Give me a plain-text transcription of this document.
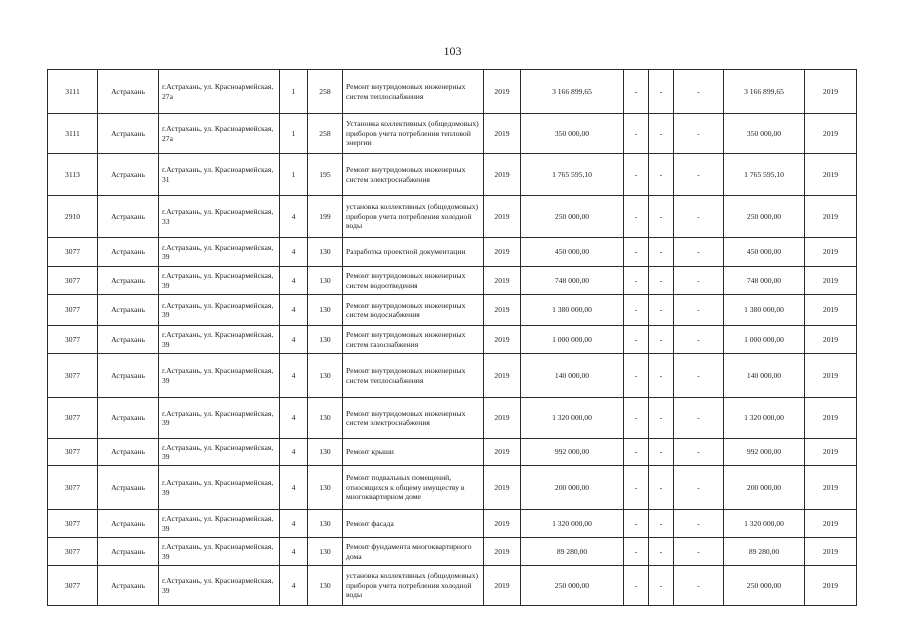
103
3111	Астрахань	г.Астрахань, ул. Красноармейская, 27а	1	258	Ремонт внутридомовых инженерных систем теплоснабжения	2019	3 166 899,65	-	-	-	3 166 899,65	2019
3111	Астрахань	г.Астрахань, ул. Красноармейская, 27а	1	258	Установка коллективных (общедомовых) приборов учета потребления тепловой энергии	2019	350 000,00	-	-	-	350 000,00	2019
3113	Астрахань	г.Астрахань, ул. Красноармейская, 31	1	195	Ремонт внутридомовых инженерных систем электроснабжения	2019	1 765 595,10	-	-	-	1 765 595,10	2019
2910	Астрахань	г.Астрахань, ул. Красноармейская, 33	4	199	установка коллективных (общедомовых) приборов учета потребления холодной воды	2019	250 000,00	-	-	-	250 000,00	2019
3077	Астрахань	г.Астрахань, ул. Красноармейская, 39	4	130	Разработка проектной документации	2019	450 000,00	-	-	-	450 000,00	2019
3077	Астрахань	г.Астрахань, ул. Красноармейская, 39	4	130	Ремонт внутридомовых инженерных систем водоотведения	2019	748 000,00	-	-	-	748 000,00	2019
3077	Астрахань	г.Астрахань, ул. Красноармейская, 39	4	130	Ремонт внутридомовых инженерных систем водоснабжения	2019	1 380 000,00	-	-	-	1 380 000,00	2019
3077	Астрахань	г.Астрахань, ул. Красноармейская, 39	4	130	Ремонт внутридомовых инженерных систем газоснабжения	2019	1 000 000,00	-	-	-	1 000 000,00	2019
3077	Астрахань	г.Астрахань, ул. Красноармейская, 39	4	130	Ремонт внутридомовых инженерных систем теплоснабжения	2019	140 000,00	-	-	-	140 000,00	2019
3077	Астрахань	г.Астрахань, ул. Красноармейская, 39	4	130	Ремонт внутридомовых инженерных систем электроснабжения	2019	1 320 000,00	-	-	-	1 320 000,00	2019
3077	Астрахань	г.Астрахань, ул. Красноармейская, 39	4	130	Ремонт крыши	2019	992 000,00	-	-	-	992 000,00	2019
3077	Астрахань	г.Астрахань, ул. Красноармейская, 39	4	130	Ремонт подвальных помещений, относящихся к общему имуществу в многоквартирном доме	2019	200 000,00	-	-	-	200 000,00	2019
3077	Астрахань	г.Астрахань, ул. Красноармейская, 39	4	130	Ремонт фасада	2019	1 320 000,00	-	-	-	1 320 000,00	2019
3077	Астрахань	г.Астрахань, ул. Красноармейская, 39	4	130	Ремонт фундамента многоквартирного дома	2019	89 280,00	-	-	-	89 280,00	2019
3077	Астрахань	г.Астрахань, ул. Красноармейская, 39	4	130	установка коллективных (общедомовых) приборов учета потребления холодной воды	2019	250 000,00	-	-	-	250 000,00	2019
